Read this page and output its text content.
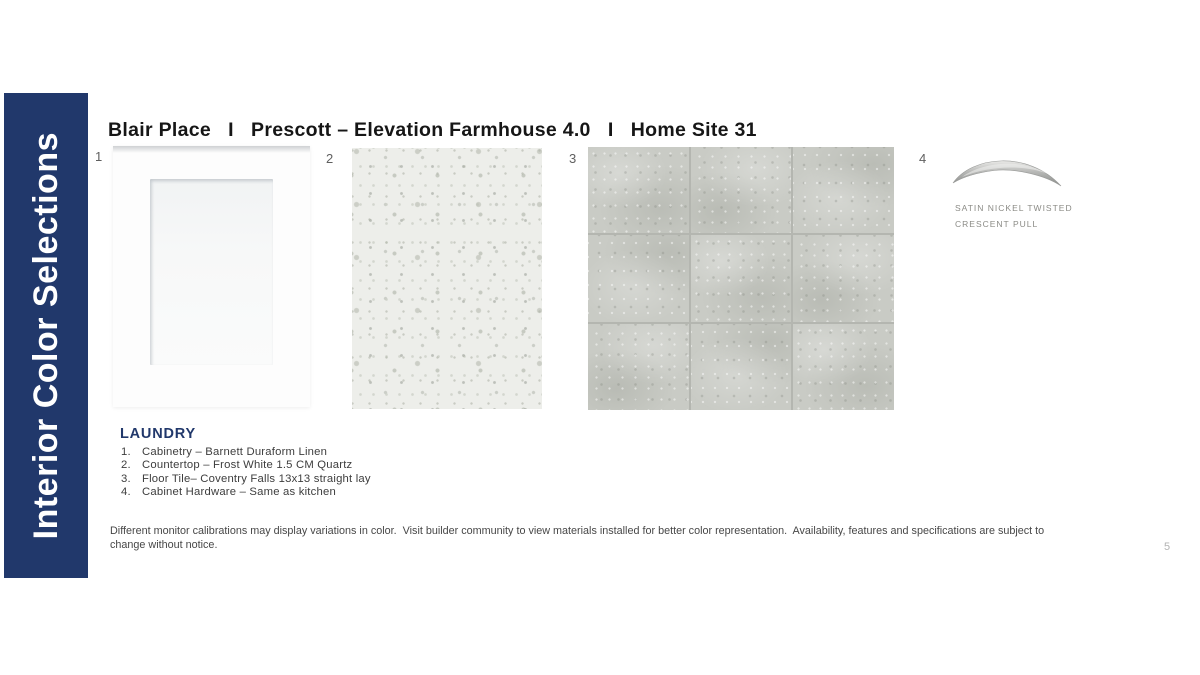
Interior Color Selections
Blair Place   I   Prescott – Elevation Farmhouse 4.0   I   Home Site 31
1	2	3	4
SATIN NICKEL TWISTED
CRESCENT PULL
LAUNDRY
1. Cabinetry – Barnett Duraform Linen
2. Countertop – Frost White 1.5 CM Quartz
3. Floor Tile– Coventry Falls 13x13 straight lay
4. Cabinet Hardware – Same as kitchen

Different monitor calibrations may display variations in color.  Visit builder community to view materials installed for better color representation.  Availability, features and specifications are subject to change without notice.	5
